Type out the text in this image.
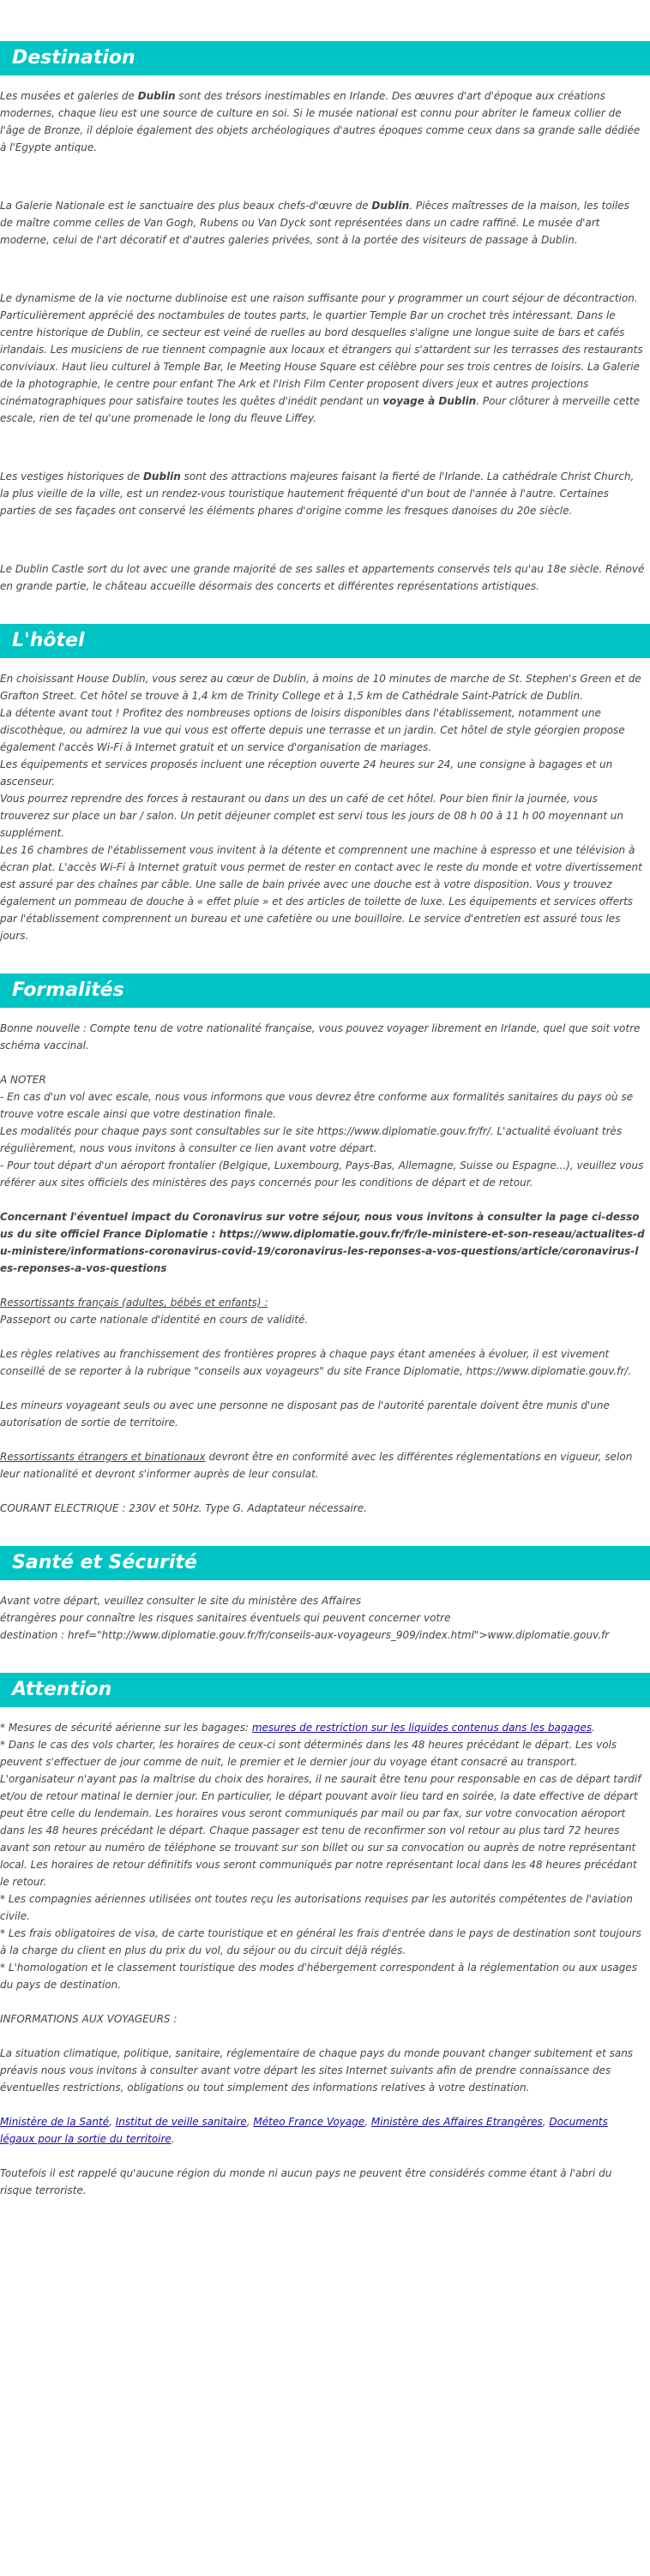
Destination

Les musées et galeries de Dublin sont des trésors inestimables en Irlande. Des œuvres d'art d'époque aux créations modernes, chaque lieu est une source de culture en soi. Si le musée national est connu pour abriter le fameux collier de l'âge de Bronze, il déploie également des objets archéologiques d'autres époques comme ceux dans sa grande salle dédiée à l'Egypte antique.

La Galerie Nationale est le sanctuaire des plus beaux chefs-d'œuvre de Dublin. Pièces maîtresses de la maison, les toiles de maître comme celles de Van Gogh, Rubens ou Van Dyck sont représentées dans un cadre raffiné. Le musée d'art moderne, celui de l'art décoratif et d'autres galeries privées, sont à la portée des visiteurs de passage à Dublin.

Le dynamisme de la vie nocturne dublinoise est une raison suffisante pour y programmer un court séjour de décontraction. Particulièrement apprécié des noctambules de toutes parts, le quartier Temple Bar un crochet très intéressant. Dans le centre historique de Dublin, ce secteur est veiné de ruelles au bord desquelles s'aligne une longue suite de bars et cafés irlandais. Les musiciens de rue tiennent compagnie aux locaux et étrangers qui s'attardent sur les terrasses des restaurants conviviaux. Haut lieu culturel à Temple Bar, le Meeting House Square est célèbre pour ses trois centres de loisirs. La Galerie de la photographie, le centre pour enfant The Ark et l'Irish Film Center proposent divers jeux et autres projections cinématographiques pour satisfaire toutes les quêtes d'inédit pendant un voyage à Dublin. Pour clôturer à merveille cette escale, rien de tel qu'une promenade le long du fleuve Liffey.

Les vestiges historiques de Dublin sont des attractions majeures faisant la fierté de l'Irlande. La cathédrale Christ Church, la plus vieille de la ville, est un rendez-vous touristique hautement fréquenté d'un bout de l'année à l'autre. Certaines parties de ses façades ont conservé les éléments phares d'origine comme les fresques danoises du 20e siècle.

Le Dublin Castle sort du lot avec une grande majorité de ses salles et appartements conservés tels qu'au 18e siècle. Rénové en grande partie, le château accueille désormais des concerts et différentes représentations artistiques.

L'hôtel
En choisissant House Dublin, vous serez au cœur de Dublin, à moins de 10 minutes de marche de St. Stephen's Green et de Grafton Street. Cet hôtel se trouve à 1,4 km de Trinity College et à 1,5 km de Cathédrale Saint-Patrick de Dublin.
La détente avant tout ! Profitez des nombreuses options de loisirs disponibles dans l'établissement, notamment une discothèque, ou admirez la vue qui vous est offerte depuis une terrasse et un jardin. Cet hôtel de style géorgien propose également l'accès Wi-Fi à Internet gratuit et un service d'organisation de mariages.
Les équipements et services proposés incluent une réception ouverte 24 heures sur 24, une consigne à bagages et un ascenseur.
Vous pourrez reprendre des forces à restaurant ou dans un des un café de cet hôtel. Pour bien finir la journée, vous trouverez sur place un bar / salon. Un petit déjeuner complet est servi tous les jours de 08 h 00 à 11 h 00 moyennant un supplément.
Les 16 chambres de l'établissement vous invitent à la détente et comprennent une machine à espresso et une télévision à écran plat. L'accès Wi-Fi à Internet gratuit vous permet de rester en contact avec le reste du monde et votre divertissement est assuré par des chaînes par câble. Une salle de bain privée avec une douche est à votre disposition. Vous y trouvez également un pommeau de douche à « effet pluie » et des articles de toilette de luxe. Les équipements et services offerts par l'établissement comprennent un bureau et une cafetière ou une bouilloire. Le service d'entretien est assuré tous les jours.
Formalités
Bonne nouvelle : Compte tenu de votre nationalité française, vous pouvez voyager librement en Irlande, quel que soit votre schéma vaccinal.
A NOTER
- En cas d'un vol avec escale, nous vous informons que vous devrez être conforme aux formalités sanitaires du pays où se trouve votre escale ainsi que votre destination finale.
Les modalités pour chaque pays sont consultables sur le site https://www.diplomatie.gouv.fr/fr/. L'actualité évoluant très régulièrement, nous vous invitons à consulter ce lien avant votre départ.
- Pour tout départ d'un aéroport frontalier (Belgique, Luxembourg, Pays-Bas, Allemagne, Suisse ou Espagne...), veuillez vous référer aux sites officiels des ministères des pays concernés pour les conditions de départ et de retour.
Concernant l'éventuel impact du Coronavirus sur votre séjour, nous vous invitons à consulter la page ci-dessous du site officiel France Diplomatie : https://www.diplomatie.gouv.fr/fr/le-ministere-et-son-reseau/actualites-du-ministere/informations-coronavirus-covid-19/coronavirus-les-reponses-a-vos-questions/article/coronavirus-les-reponses-a-vos-questions
Ressortissants français (adultes, bébés et enfants) :
Passeport ou carte nationale d'identité en cours de validité.
Les règles relatives au franchissement des frontières propres à chaque pays étant amenées à évoluer, il est vivement conseillé de se reporter à la rubrique "conseils aux voyageurs" du site France Diplomatie, https://www.diplomatie.gouv.fr/.
Les mineurs voyageant seuls ou avec une personne ne disposant pas de l'autorité parentale doivent être munis d'une autorisation de sortie de territoire.
Ressortissants étrangers et binationaux devront être en conformité avec les différentes réglementations en vigueur, selon leur nationalité et devront s'informer auprès de leur consulat.
COURANT ELECTRIQUE : 230V et 50Hz. Type G. Adaptateur nécessaire.
Santé et Sécurité
Avant votre départ, veuillez consulter le site du ministère des Affaires
étrangères pour connaître les risques sanitaires éventuels qui peuvent concerner votre
destination : href="http://www.diplomatie.gouv.fr/fr/conseils-aux-voyageurs_909/index.html">www.diplomatie.gouv.fr
Attention
* Mesures de sécurité aérienne sur les bagages: mesures de restriction sur les liquides contenus dans les bagages.
* Dans le cas des vols charter, les horaires de ceux-ci sont déterminés dans les 48 heures précédant le départ. Les vols peuvent s'effectuer de jour comme de nuit, le premier et le dernier jour du voyage étant consacré au transport. L'organisateur n'ayant pas la maîtrise du choix des horaires, il ne saurait être tenu pour responsable en cas de départ tardif et/ou de retour matinal le dernier jour. En particulier, le départ pouvant avoir lieu tard en soirée, la date effective de départ peut être celle du lendemain. Les horaires vous seront communiqués par mail ou par fax, sur votre convocation aéroport dans les 48 heures précédant le départ. Chaque passager est tenu de reconfirmer son vol retour au plus tard 72 heures avant son retour au numéro de téléphone se trouvant sur son billet ou sur sa convocation ou auprès de notre représentant local. Les horaires de retour définitifs vous seront communiqués par notre représentant local dans les 48 heures précédant le retour.
* Les compagnies aériennes utilisées ont toutes reçu les autorisations requises par les autorités compétentes de l'aviation civile.
* Les frais obligatoires de visa, de carte touristique et en général les frais d'entrée dans le pays de destination sont toujours à la charge du client en plus du prix du vol, du séjour ou du circuit déjà réglés.
* L'homologation et le classement touristique des modes d'hébergement correspondent à la réglementation ou aux usages du pays de destination.
INFORMATIONS AUX VOYAGEURS :
La situation climatique, politique, sanitaire, réglementaire de chaque pays du monde pouvant changer subitement et sans préavis nous vous invitons à consulter avant votre départ les sites Internet suivants afin de prendre connaissance des éventuelles restrictions, obligations ou tout simplement des informations relatives à votre destination.
Ministère de la Santé, Institut de veille sanitaire, Méteo France Voyage, Ministère des Affaires Etrangères, Documents légaux pour la sortie du territoire.
Toutefois il est rappelé qu'aucune région du monde ni aucun pays ne peuvent être considérés comme étant à l'abri du risque terroriste.
